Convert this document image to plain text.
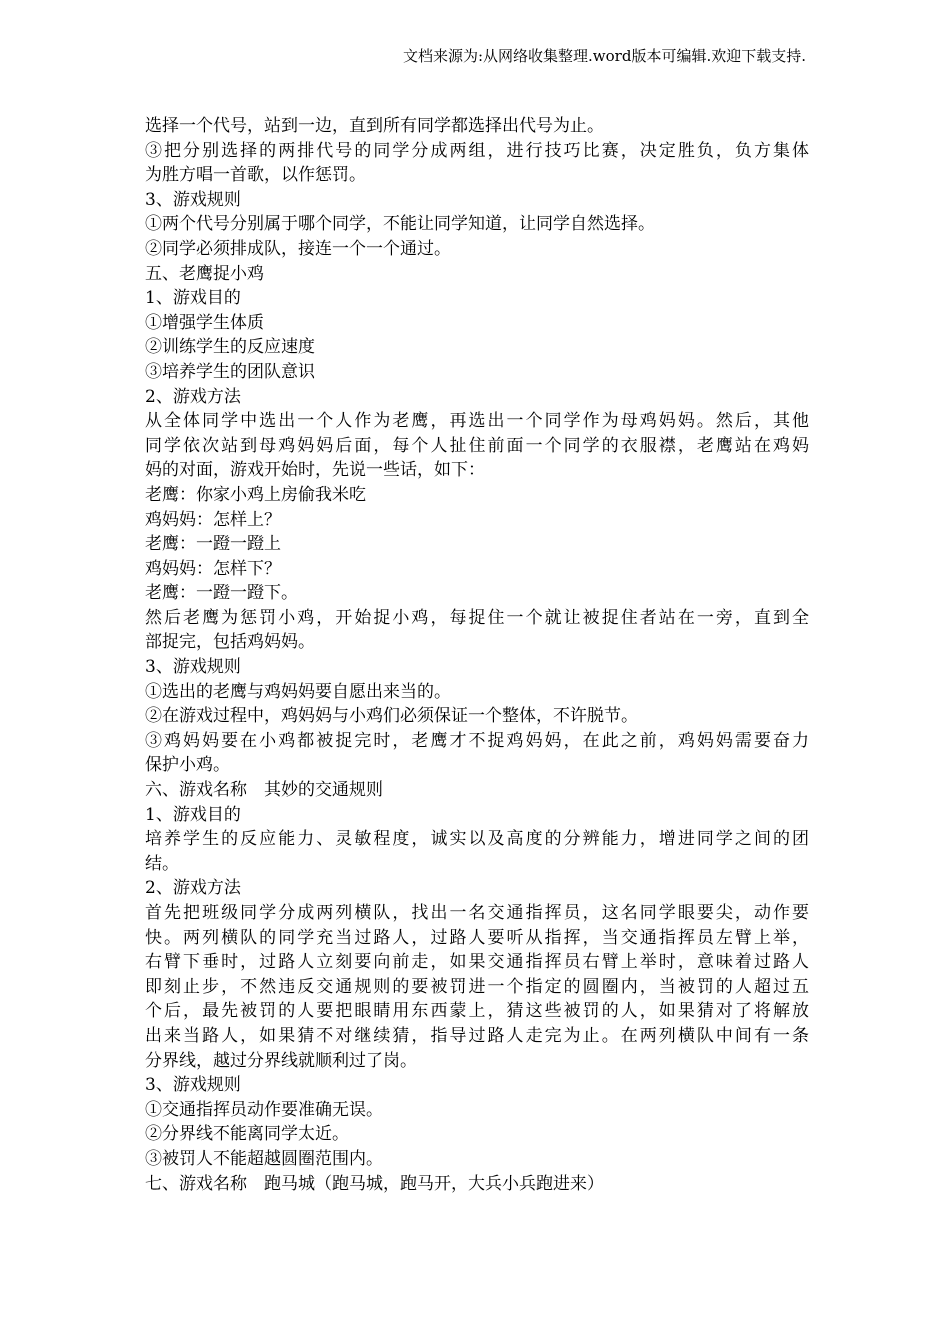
文档来源为:从网络收集整理.word版本可编辑.欢迎下载支持.
选择一个代号，站到一边，直到所有同学都选择出代号为止。
③把分别选择的两排代号的同学分成两组，进行技巧比赛，决定胜负，负方集体
为胜方唱一首歌，以作惩罚。
3、游戏规则
①两个代号分别属于哪个同学，不能让同学知道，让同学自然选择。
②同学必须排成队，接连一个一个通过。
五、老鹰捉小鸡
1、游戏目的
①增强学生体质
②训练学生的反应速度
③培养学生的团队意识
2、游戏方法
从全体同学中选出一个人作为老鹰，再选出一个同学作为母鸡妈妈。然后，其他
同学依次站到母鸡妈妈后面，每个人扯住前面一个同学的衣服襟，老鹰站在鸡妈
妈的对面，游戏开始时，先说一些话，如下：
老鹰：你家小鸡上房偷我米吃
鸡妈妈：怎样上？
老鹰：一蹬一蹬上
鸡妈妈：怎样下？
老鹰：一蹬一蹬下。
然后老鹰为惩罚小鸡，开始捉小鸡，每捉住一个就让被捉住者站在一旁，直到全
部捉完，包括鸡妈妈。
3、游戏规则
①选出的老鹰与鸡妈妈要自愿出来当的。
②在游戏过程中，鸡妈妈与小鸡们必须保证一个整体，不许脱节。
③鸡妈妈要在小鸡都被捉完时，老鹰才不捉鸡妈妈，在此之前，鸡妈妈需要奋力
保护小鸡。
六、游戏名称　其妙的交通规则
1、游戏目的
培养学生的反应能力、灵敏程度，诚实以及高度的分辨能力，增进同学之间的团
结。
2、游戏方法
首先把班级同学分成两列横队，找出一名交通指挥员，这名同学眼要尖，动作要
快。两列横队的同学充当过路人，过路人要听从指挥，当交通指挥员左臂上举，
右臂下垂时，过路人立刻要向前走，如果交通指挥员右臂上举时，意味着过路人
即刻止步，不然违反交通规则的要被罚进一个指定的圆圈内，当被罚的人超过五
个后，最先被罚的人要把眼睛用东西蒙上，猜这些被罚的人，如果猜对了将解放
出来当路人，如果猜不对继续猜，指导过路人走完为止。在两列横队中间有一条
分界线，越过分界线就顺利过了岗。
3、游戏规则
①交通指挥员动作要准确无误。
②分界线不能离同学太近。
③被罚人不能超越圆圈范围内。
七、游戏名称　跑马城（跑马城，跑马开，大兵小兵跑进来）
